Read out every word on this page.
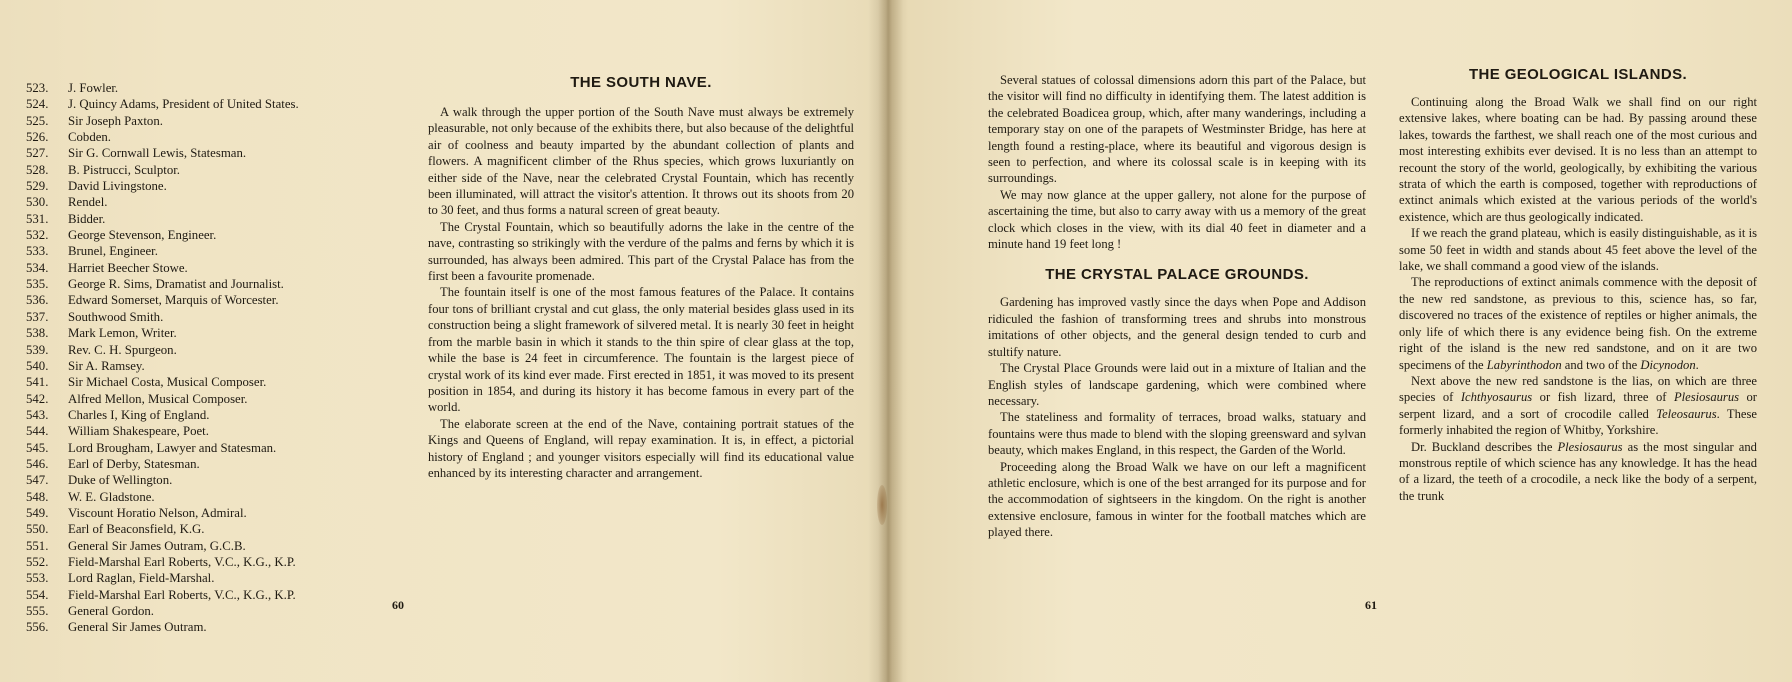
523.	J. Fowler.
524.	J. Quincy Adams, President of United States.
525.	Sir Joseph Paxton.
526.	Cobden.
527.	Sir G. Cornwall Lewis, Statesman.
528.	B. Pistrucci, Sculptor.
529.	David Livingstone.
530.	Rendel.
531.	Bidder.
532.	George Stevenson, Engineer.
533.	Brunel, Engineer.
534.	Harriet Beecher Stowe.
535.	George R. Sims, Dramatist and Journalist.
536.	Edward Somerset, Marquis of Worcester.
537.	Southwood Smith.
538.	Mark Lemon, Writer.
539.	Rev. C. H. Spurgeon.
540.	Sir A. Ramsey.
541.	Sir Michael Costa, Musical Composer.
542.	Alfred Mellon, Musical Composer.
543.	Charles I, King of England.
544.	William Shakespeare, Poet.
545.	Lord Brougham, Lawyer and Statesman.
546.	Earl of Derby, Statesman.
547.	Duke of Wellington.
548.	W. E. Gladstone.
549.	Viscount Horatio Nelson, Admiral.
550.	Earl of Beaconsfield, K.G.
551.	General Sir James Outram, G.C.B.
552.	Field-Marshal Earl Roberts, V.C., K.G., K.P.
553.	Lord Raglan, Field-Marshal.
554.	Field-Marshal Earl Roberts, V.C., K.G., K.P.
555.	General Gordon.
556.	General Sir James Outram.
THE SOUTH NAVE.

A walk through the upper portion of the South Nave must always be extremely pleasurable, not only because of the exhibits there, but also because of the delightful air of coolness and beauty imparted by the abundant collection of plants and flowers. A magnificent climber of the Rhus species, which grows luxuriantly on either side of the Nave, near the celebrated Crystal Fountain, which has recently been illuminated, will attract the visitor's attention. It throws out its shoots from 20 to 30 feet, and thus forms a natural screen of great beauty.

The Crystal Fountain, which so beautifully adorns the lake in the centre of the nave, contrasting so strikingly with the verdure of the palms and ferns by which it is surrounded, has always been admired. This part of the Crystal Palace has from the first been a favourite promenade.

The fountain itself is one of the most famous features of the Palace. It contains four tons of brilliant crystal and cut glass, the only material besides glass used in its construction being a slight framework of silvered metal. It is nearly 30 feet in height from the marble basin in which it stands to the thin spire of clear glass at the top, while the base is 24 feet in circumference. The fountain is the largest piece of crystal work of its kind ever made. First erected in 1851, it was moved to its present position in 1854, and during its history it has become famous in every part of the world.

The elaborate screen at the end of the Nave, containing portrait statues of the Kings and Queens of England, will repay examination. It is, in effect, a pictorial history of England ; and younger visitors especially will find its educational value enhanced by its interesting character and arrangement.

60

Several statues of colossal dimensions adorn this part of the Palace, but the visitor will find no difficulty in identifying them. The latest addition is the celebrated Boadicea group, which, after many wanderings, including a temporary stay on one of the parapets of Westminster Bridge, has here at length found a resting-place, where its beautiful and vigorous design is seen to perfection, and where its colossal scale is in keeping with its surroundings.

We may now glance at the upper gallery, not alone for the purpose of ascertaining the time, but also to carry away with us a memory of the great clock which closes in the view, with its dial 40 feet in diameter and a minute hand 19 feet long !

THE CRYSTAL PALACE GROUNDS.

Gardening has improved vastly since the days when Pope and Addison ridiculed the fashion of transforming trees and shrubs into monstrous imitations of other objects, and the general design tended to curb and stultify nature.

The Crystal Place Grounds were laid out in a mixture of Italian and the English styles of landscape gardening, which were combined where necessary.

The stateliness and formality of terraces, broad walks, statuary and fountains were thus made to blend with the sloping greensward and sylvan beauty, which makes England, in this respect, the Garden of the World.

Proceeding along the Broad Walk we have on our left a magnificent athletic enclosure, which is one of the best arranged for its purpose and for the accommodation of sightseers in the kingdom. On the right is another extensive enclosure, famous in winter for the football matches which are played there.

THE GEOLOGICAL ISLANDS.

Continuing along the Broad Walk we shall find on our right extensive lakes, where boating can be had. By passing around these lakes, towards the farthest, we shall reach one of the most curious and most interesting exhibits ever devised. It is no less than an attempt to recount the story of the world, geologically, by exhibiting the various strata of which the earth is composed, together with reproductions of extinct animals which existed at the various periods of the world's existence, which are thus geologically indicated.

If we reach the grand plateau, which is easily distinguishable, as it is some 50 feet in width and stands about 45 feet above the level of the lake, we shall command a good view of the islands.

The reproductions of extinct animals commence with the deposit of the new red sandstone, as previous to this, science has, so far, discovered no traces of the existence of reptiles or higher animals, the only life of which there is any evidence being fish. On the extreme right of the island is the new red sandstone, and on it are two specimens of the Labyrinthodon and two of the Dicynodon.

Next above the new red sandstone is the lias, on which are three species of Ichthyosaurus or fish lizard, three of Plesiosaurus or serpent lizard, and a sort of crocodile called Teleosaurus. These formerly inhabited the region of Whitby, Yorkshire.

Dr. Buckland describes the Plesiosaurus as the most singular and monstrous reptile of which science has any knowledge. It has the head of a lizard, the teeth of a crocodile, a neck like the body of a serpent, the trunk

61
